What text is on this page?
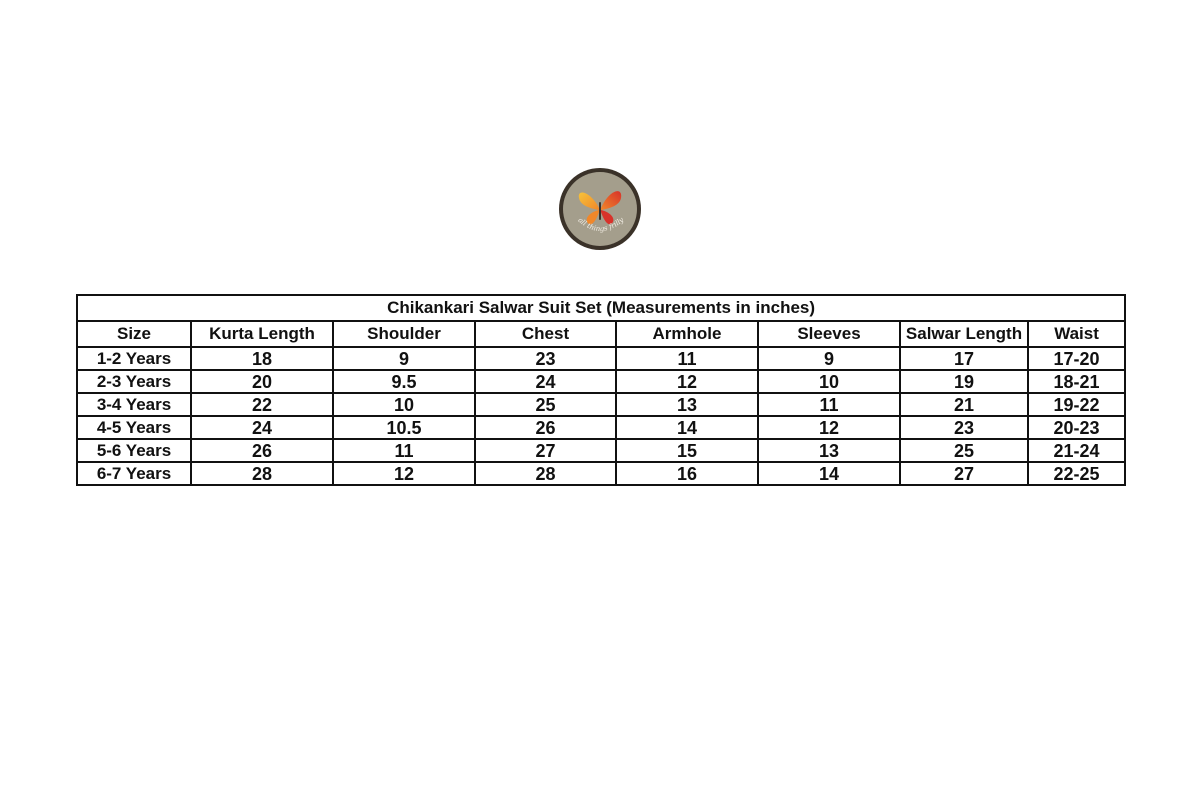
all things frilly
Chikankari Salwar Suit Set (Measurements in inches)							
Size	Kurta Length	Shoulder	Chest	Armhole	Sleeves	Salwar Length	Waist
1-2 Years	18	9	23	11	9	17	17-20
2-3 Years	20	9.5	24	12	10	19	18-21
3-4 Years	22	10	25	13	11	21	19-22
4-5 Years	24	10.5	26	14	12	23	20-23
5-6 Years	26	11	27	15	13	25	21-24
6-7 Years	28	12	28	16	14	27	22-25
